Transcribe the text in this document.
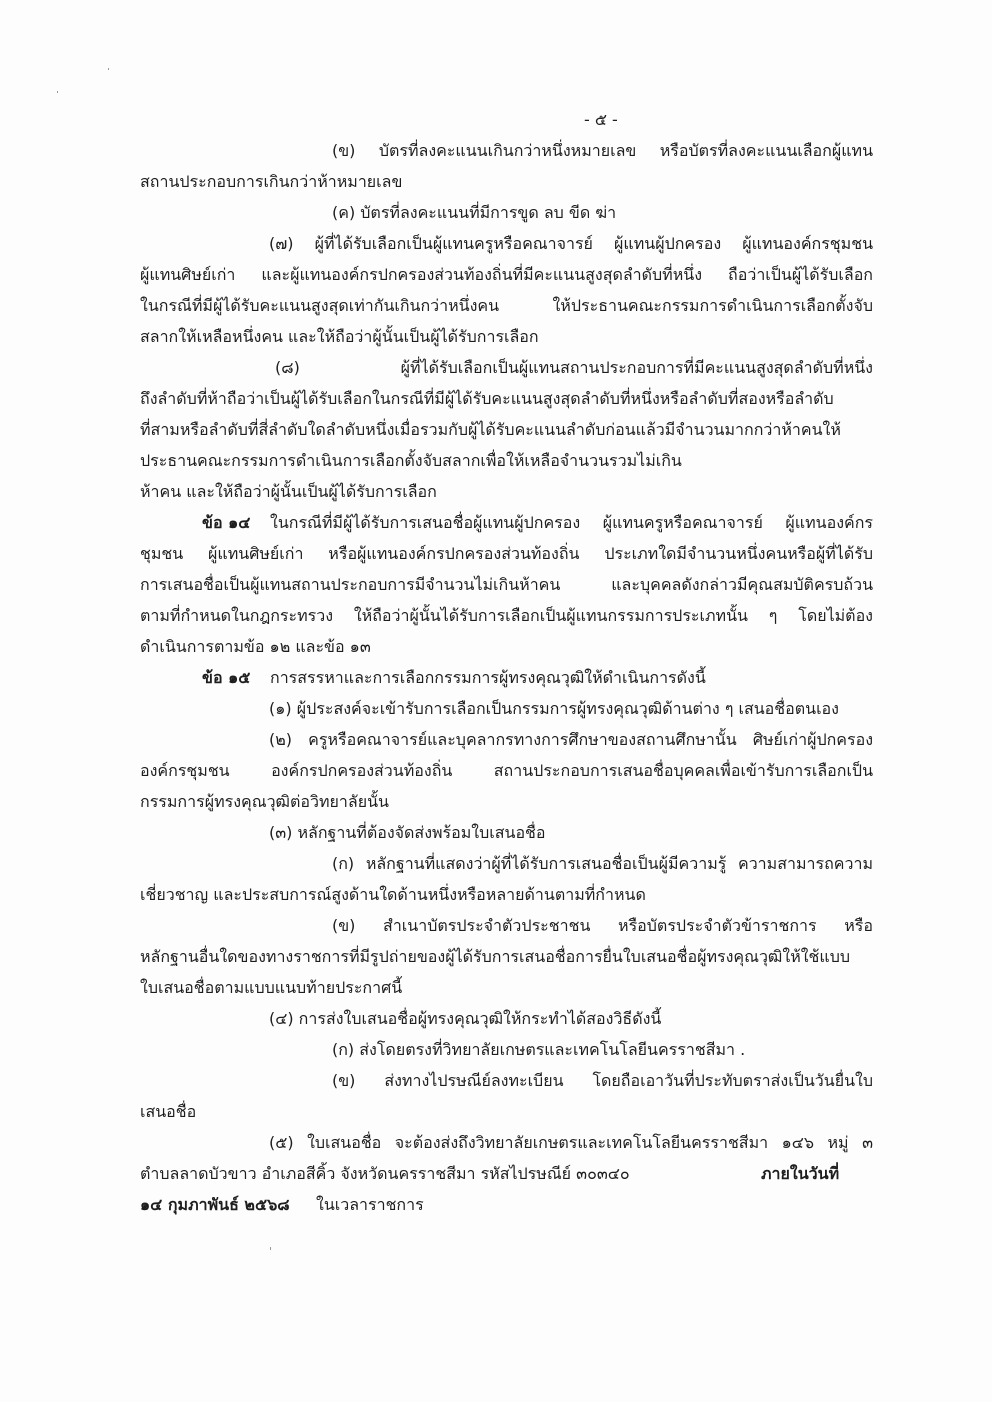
- ๕ -
(ข) บัตรที่ลงคะแนนเกินกว่าหนึ่งหมายเลข หรือบัตรที่ลงคะแนนเลือกผู้แทน
สถานประกอบการเกินกว่าห้าหมายเลข
(ค) บัตรที่ลงคะแนนที่มีการขูด ลบ ขีด ฆ่า
(๗) ผู้ที่ได้รับเลือกเป็นผู้แทนครูหรือคณาจารย์ ผู้แทนผู้ปกครอง ผู้แทนองค์กรชุมชน
ผู้แทนศิษย์เก่า และผู้แทนองค์กรปกครองส่วนท้องถิ่นที่มีคะแนนสูงสุดลำดับที่หนึ่ง ถือว่าเป็นผู้ได้รับเลือก
ในกรณีที่มีผู้ได้รับคะแนนสูงสุดเท่ากันเกินกว่าหนึ่งคน ให้ประธานคณะกรรมการดำเนินการเลือกตั้งจับ
สลากให้เหลือหนึ่งคน และให้ถือว่าผู้นั้นเป็นผู้ได้รับการเลือก
(๘) ผู้ที่ได้รับเลือกเป็นผู้แทนสถานประกอบการที่มีคะแนนสูงสุดลำดับที่หนึ่ง
ถึงลำดับที่ห้าถือว่าเป็นผู้ได้รับเลือกในกรณีที่มีผู้ได้รับคะแนนสูงสุดลำดับที่หนึ่งหรือลำดับที่สองหรือลำดับ
ที่สามหรือลำดับที่สี่ลำดับใดลำดับหนึ่งเมื่อรวมกับผู้ได้รับคะแนนลำดับก่อนแล้วมีจำนวนมากกว่าห้าคนให้
ประธานคณะกรรมการดำเนินการเลือกตั้งจับสลากเพื่อให้เหลือจำนวนรวมไม่เกิน
ห้าคน และให้ถือว่าผู้นั้นเป็นผู้ได้รับการเลือก
ข้อ ๑๔ ในกรณีที่มีผู้ได้รับการเสนอชื่อผู้แทนผู้ปกครอง ผู้แทนครูหรือคณาจารย์ ผู้แทนองค์กร
ชุมชน ผู้แทนศิษย์เก่า หรือผู้แทนองค์กรปกครองส่วนท้องถิ่น ประเภทใดมีจำนวนหนึ่งคนหรือผู้ที่ได้รับ
การเสนอชื่อเป็นผู้แทนสถานประกอบการมีจำนวนไม่เกินห้าคน และบุคคลดังกล่าวมีคุณสมบัติครบถ้วน
ตามที่กำหนดในกฎกระทรวง ให้ถือว่าผู้นั้นได้รับการเลือกเป็นผู้แทนกรรมการประเภทนั้น ๆ โดยไม่ต้อง
ดำเนินการตามข้อ ๑๒ และข้อ ๑๓
ข้อ ๑๕ การสรรหาและการเลือกกรรมการผู้ทรงคุณวุฒิให้ดำเนินการดังนี้
(๑) ผู้ประสงค์จะเข้ารับการเลือกเป็นกรรมการผู้ทรงคุณวุฒิด้านต่าง ๆ เสนอชื่อตนเอง
(๒) ครูหรือคณาจารย์และบุคลากรทางการศึกษาของสถานศึกษานั้น ศิษย์เก่าผู้ปกครอง
องค์กรชุมชน องค์กรปกครองส่วนท้องถิ่น สถานประกอบการเสนอชื่อบุคคลเพื่อเข้ารับการเลือกเป็น
กรรมการผู้ทรงคุณวุฒิต่อวิทยาลัยนั้น
(๓) หลักฐานที่ต้องจัดส่งพร้อมใบเสนอชื่อ
(ก) หลักฐานที่แสดงว่าผู้ที่ได้รับการเสนอชื่อเป็นผู้มีความรู้ ความสามารถความ
เชี่ยวชาญ และประสบการณ์สูงด้านใดด้านหนึ่งหรือหลายด้านตามที่กำหนด
(ข) สำเนาบัตรประจำตัวประชาชน หรือบัตรประจำตัวข้าราชการ หรือ
หลักฐานอื่นใดของทางราชการที่มีรูปถ่ายของผู้ได้รับการเสนอชื่อการยื่นใบเสนอชื่อผู้ทรงคุณวุฒิให้ใช้แบบ
ใบเสนอชื่อตามแบบแนบท้ายประกาศนี้
(๔) การส่งใบเสนอชื่อผู้ทรงคุณวุฒิให้กระทำได้สองวิธีดังนี้
(ก) ส่งโดยตรงที่วิทยาลัยเกษตรและเทคโนโลยีนครราชสีมา .
(ข) ส่งทางไปรษณีย์ลงทะเบียน โดยถือเอาวันที่ประทับตราส่งเป็นวันยื่นใบ
เสนอชื่อ
(๕) ใบเสนอชื่อ จะต้องส่งถึงวิทยาลัยเกษตรและเทคโนโลยีนครราชสีมา ๑๔๖ หมู่ ๓
ตำบลลาดบัวขาว อำเภอสีคิ้ว จังหวัดนครราชสีมา รหัสไปรษณีย์ ๓๐๓๔๐	ภายในวันที่
๑๔ กุมภาพันธ์ ๒๕๖๘ ในเวลาราชการ
